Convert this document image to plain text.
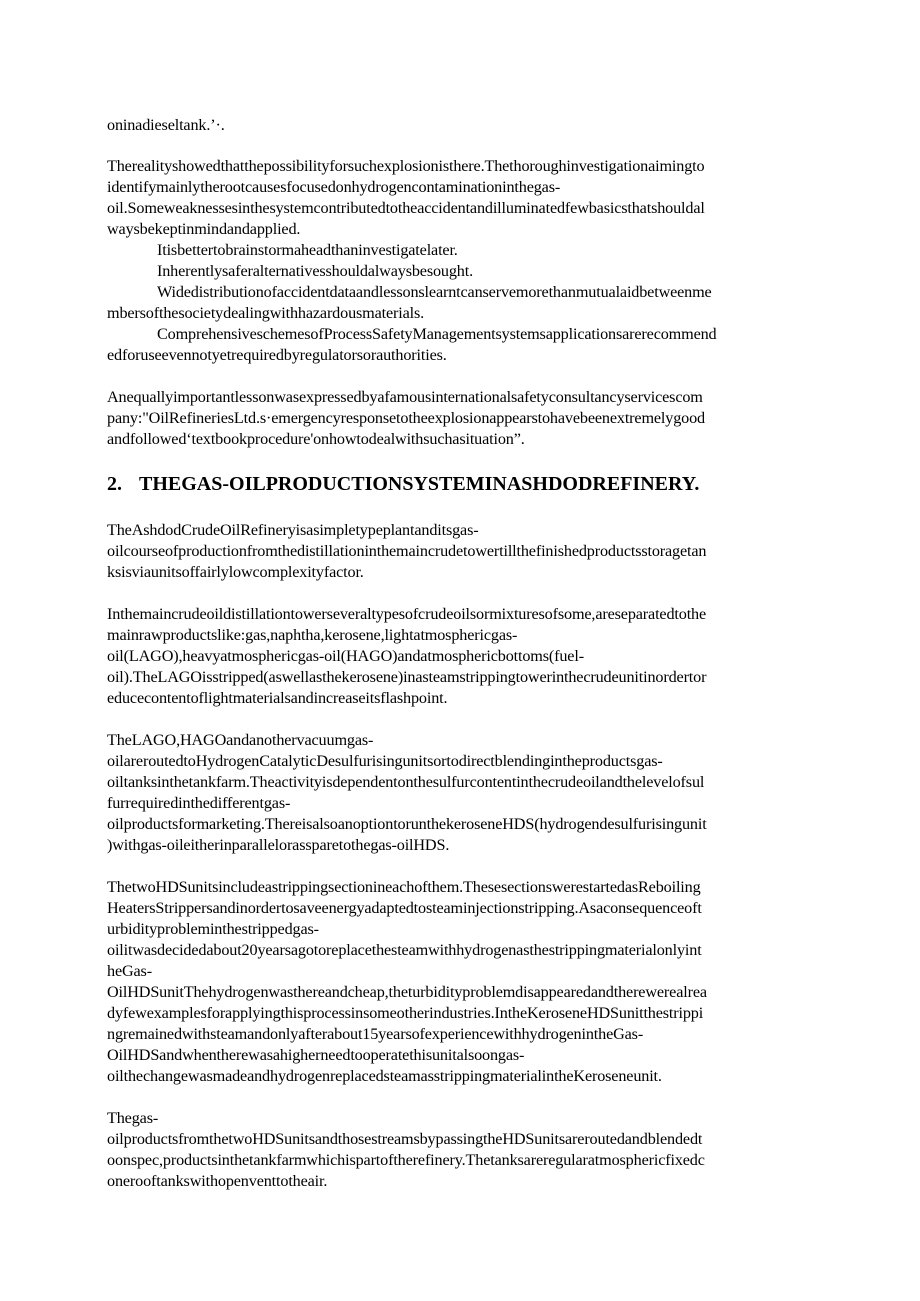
oninadieseltank.’·.
Therealityshowedthatthepossibilityforsuchexplosionisthere.Thethoroughinvestigationaimingto
identifymainlytherootcausesfocusedonhydrogencontaminationinthegas-
oil.Someweaknessesinthesystemcontributedtotheaccidentandilluminatedfewbasicsthatshouldal
waysbekeptinmindandapplied.
Itisbettertobrainstormaheadthaninvestigatelater.
Inherentlysaferalternativesshouldalwaysbesought.
Widedistributionofaccidentdataandlessonslearntcanservemorethanmutualaidbetweenme
mbersofthesocietydealingwithhazardousmaterials.
ComprehensiveschemesofProcessSafetyManagementsystemsapplicationsarerecommend
edforuseevennotyetrequiredbyregulatorsorauthorities.
Anequallyimportantlessonwasexpressedbyafamousinternationalsafetyconsultancyservicescom
pany:"OilRefineriesLtd.s·emergencyresponsetotheexplosionappearstohavebeenextremelygood
andfollowed‘textbookprocedure'onhowtodealwithsuchasituation”.
2. THEGAS-OILPRODUCTIONSYSTEMINASHDODREFINERY.
TheAshdodCrudeOilRefineryisasimpletypeplantanditsgas-
oilcourseofproductionfromthedistillationinthemaincrudetowertillthefinishedproductsstoragetan
ksisviaunitsoffairlylowcomplexityfactor.
Inthemaincrudeoildistillationtowerseveraltypesofcrudeoilsormixturesofsome,areseparatedtothe
mainrawproductslike:gas,naphtha,kerosene,lightatmosphericgas-
oil(LAGO),heavyatmosphericgas-oil(HAGO)andatmosphericbottoms(fuel-
oil).TheLAGOisstripped(aswellasthekerosene)inasteamstrippingtowerinthecrudeunitinordertor
educecontentoflightmaterialsandincreaseitsflashpoint.
TheLAGO,HAGOandanothervacuumgas-
oilareroutedtoHydrogenCatalyticDesulfurisingunitsortodirectblendingintheproductsgas-
oiltanksinthetankfarm.Theactivityisdependentonthesulfurcontentinthecrudeoilandthelevelofsul
furrequiredinthedifferentgas-
oilproductsformarketing.ThereisalsoanoptiontorunthekeroseneHDS(hydrogendesulfurisingunit
)withgas-oileitherinparallelorassparetothegas-oilHDS.
ThetwoHDSunitsincludeastrippingsectionineachofthem.ThesesectionswerestartedasReboiling
HeatersStrippersandinordertosaveenergyadaptedtosteaminjectionstripping.Asaconsequenceoft
urbidityprobleminthestrippedgas-
oilitwasdecidedabout20yearsagotoreplacethesteamwithhydrogenasthestrippingmaterialonlyint
heGas-
OilHDSunitThehydrogenwasthereandcheap,theturbidityproblemdisappearedandtherewerealrea
dyfewexamplesforapplyingthisprocessinsomeotherindustries.IntheKeroseneHDSunitthestrippi
ngremainedwithsteamandonlyafterabout15yearsofexperiencewithhydrogenintheGas-
OilHDSandwhentherewasahigherneedtooperatethisunitalsoongas-
oilthechangewasmadeandhydrogenreplacedsteamasstrippingmaterialintheKeroseneunit.
Thegas-
oilproductsfromthetwoHDSunitsandthosestreamsbypassingtheHDSunitsareroutedandblendedt
oonspec,productsinthetankfarmwhichispartoftherefinery.Thetanksareregularatmosphericfixedc
onerooftankswithopenventtotheair.
